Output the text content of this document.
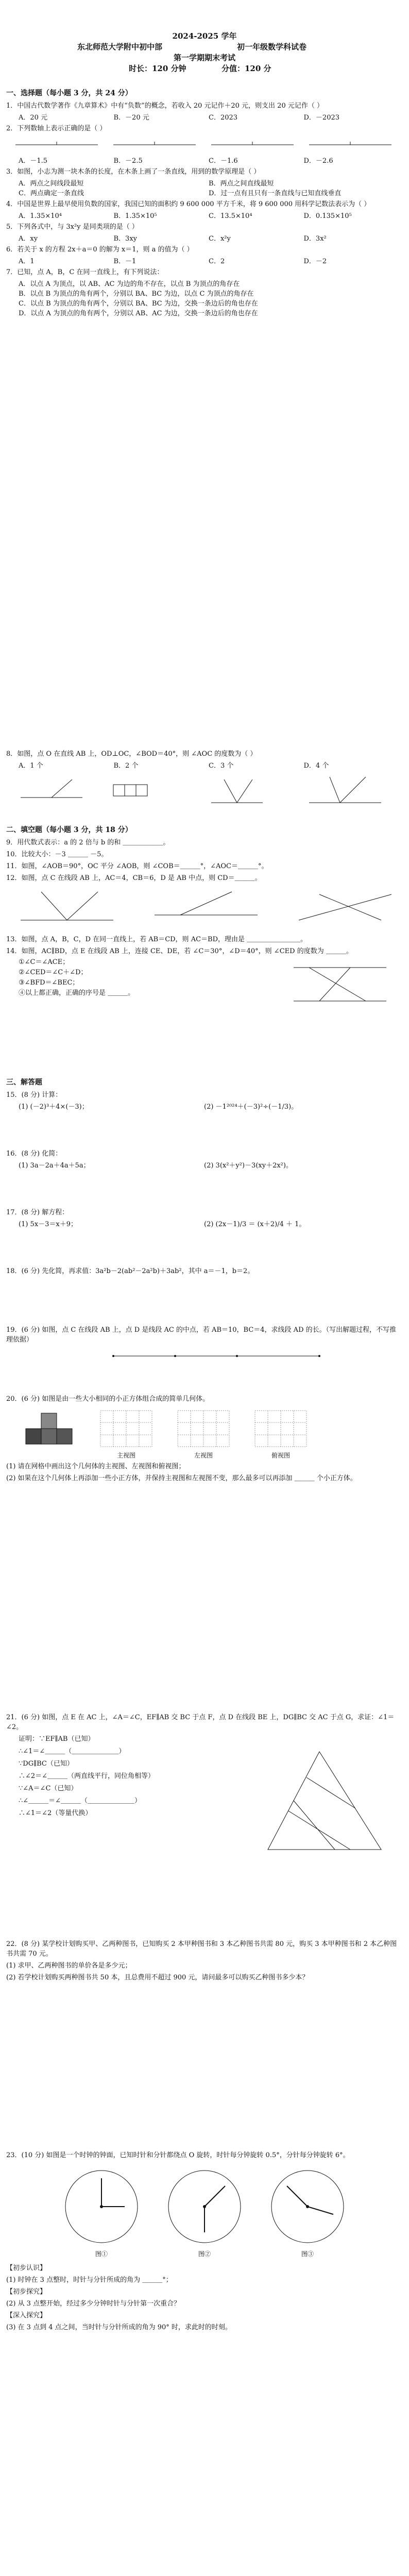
2024-2025 学年
东北师范大学附中初中部	初一年级数学科试卷
第一学期期末考试
时长：120 分钟	分值：120 分
一、选择题（每小题 3 分，共 24 分）
1．中国古代数学著作《九章算术》中有“负数”的概念，若收入 20 元记作＋20 元，则支出 20 元记作（ ）
A．20 元	B．－20 元	C．2023	D．－2023
2．下列数轴上表示正确的是（ ）
A．－1.5	B．－2.5	C．－1.6	D．－2.6
3．如图，小志为测一块木条的长度，在木条上画了一条直线，用到的数学原理是（ ）
A．两点之间线段最短	B．两点之间直线最短
C．两点确定一条直线	D．过一点有且只有一条直线与已知直线垂直
4．中国是世界上最早使用负数的国家，我国已知的面积约 9 600 000 平方千米，将 9 600 000 用科学记数法表示为（ ）
A．1.35×10⁴	B．1.35×10⁵	C．13.5×10⁴	D．0.135×10⁵
5．下列各式中，与 3x²y 是同类项的是（ ）
A．xy	B．3xy	C．x²y	D．3x²
6．若关于 x 的方程 2x＋a＝0 的解为 x＝1，则 a 的值为（ ）
A．1	B．－1	C．2	D．－2
7．已知，点 A，B，C 在同一直线上，有下列说法：
A．以点 A 为顶点，以 AB、AC 为边的角不存在，以点 B 为顶点的角存在
B．以点 B 为顶点的角有两个，分别以 BA、BC 为边，以点 C 为顶点的角存在
C．以点 B 为顶点的角有两个，分别以 BA、BC 为边，交换一条边后的角也存在
D．以点 A 为顶点的角有两个，分别以 AB、AC 为边，交换一条边后的角也存在
8．如图，点 O 在直线 AB 上，OD⊥OC，∠BOD＝40°，则 ∠AOC 的度数为（ ）
A．1 个	B．2 个	C．3 个	D．4 个
二、填空题（每小题 3 分，共 18 分）
9．用代数式表示：a 的 2 倍与 b 的和 ＿＿＿＿＿＿。
10．比较大小：－3 ＿＿＿ －5。
11．如图，∠AOB＝90°，OC 平分 ∠AOB，则 ∠COB＝＿＿＿°，∠AOC＝＿＿＿°。
12．如图，点 C 在线段 AB 上，AC＝4，CB＝6，D 是 AB 中点，则 CD＝＿＿＿。
13．如图，点 A，B，C，D 在同一直线上，若 AB＝CD，则 AC＝BD，理由是 ＿＿＿＿＿＿＿＿。
14．如图，AC∥BD，点 E 在线段 AB 上，连接 CE、DE，若 ∠C＝30°，∠D＝40°，则 ∠CED 的度数为 ＿＿＿。
①∠C＝∠ACE；
②∠CED＝∠C＋∠D；
③∠BFD＝∠BEC；
④以上都正确，正确的序号是 ＿＿＿。
三、解答题
15．(8 分) 计算：
(1) (－2)³＋4×(－3)；	(2) －1²⁰²⁴＋(－3)²÷(－1/3)。
16．(8 分) 化简：
(1) 3a－2a＋4a＋5a；	(2) 3(x²＋y²)－3(xy＋2x²)。
17．(8 分) 解方程：
(1) 5x－3＝x＋9；	(2) (2x－1)/3 ＝ (x＋2)/4 ＋ 1。
18．(6 分) 先化简，再求值：3a²b－2(ab²－2a²b)＋3ab²，其中 a＝－1，b＝2。
19．(6 分) 如图，点 C 在线段 AB 上，点 D 是线段 AC 的中点，若 AB＝10，BC＝4，求线段 AD 的长。（写出解题过程，不写推理依据）
20．(6 分) 如图是由一些大小相同的小正方体组合成的简单几何体。
主视图	左视图	俯视图
(1) 请在网格中画出这个几何体的主视图、左视图和俯视图；
(2) 如果在这个几何体上再添加一些小正方体，并保持主视图和左视图不变，那么最多可以再添加 ＿＿＿ 个小正方体。
21．(6 分) 如图，点 E 在 AC 上，∠A＝∠C，EF∥AB 交 BC 于点 F，点 D 在线段 BE 上，DG∥BC 交 AC 于点 G，求证：∠1＝∠2。
证明：∵EF∥AB（已知）
∴∠1＝∠＿＿＿（＿＿＿＿＿＿＿）
∵DG∥BC（已知）
∴∠2＝∠＿＿＿（两直线平行，同位角相等）
∵∠A＝∠C（已知）
∴∠＿＿＿＝∠＿＿＿（＿＿＿＿＿＿＿）
∴∠1＝∠2（等量代换）
22．(8 分) 某学校计划购买甲、乙两种图书，已知购买 2 本甲种图书和 3 本乙种图书共需 80 元，购买 3 本甲种图书和 2 本乙种图书共需 70 元。
(1) 求甲、乙两种图书的单价各是多少元；
(2) 若学校计划购买两种图书共 50 本，且总费用不超过 900 元，请问最多可以购买乙种图书多少本？
23．(10 分) 如图是一个时钟的钟面，已知时针和分针都绕点 O 旋转，时针每分钟旋转 0.5°，分针每分钟旋转 6°。
图①	图②	图③
【初步认识】
(1) 时钟在 3 点整时，时针与分针所成的角为 ＿＿＿°；
【初步探究】
(2) 从 3 点整开始，经过多少分钟时针与分针第一次重合？
【深入探究】
(3) 在 3 点到 4 点之间，当时针与分针所成的角为 90° 时，求此时的时刻。
